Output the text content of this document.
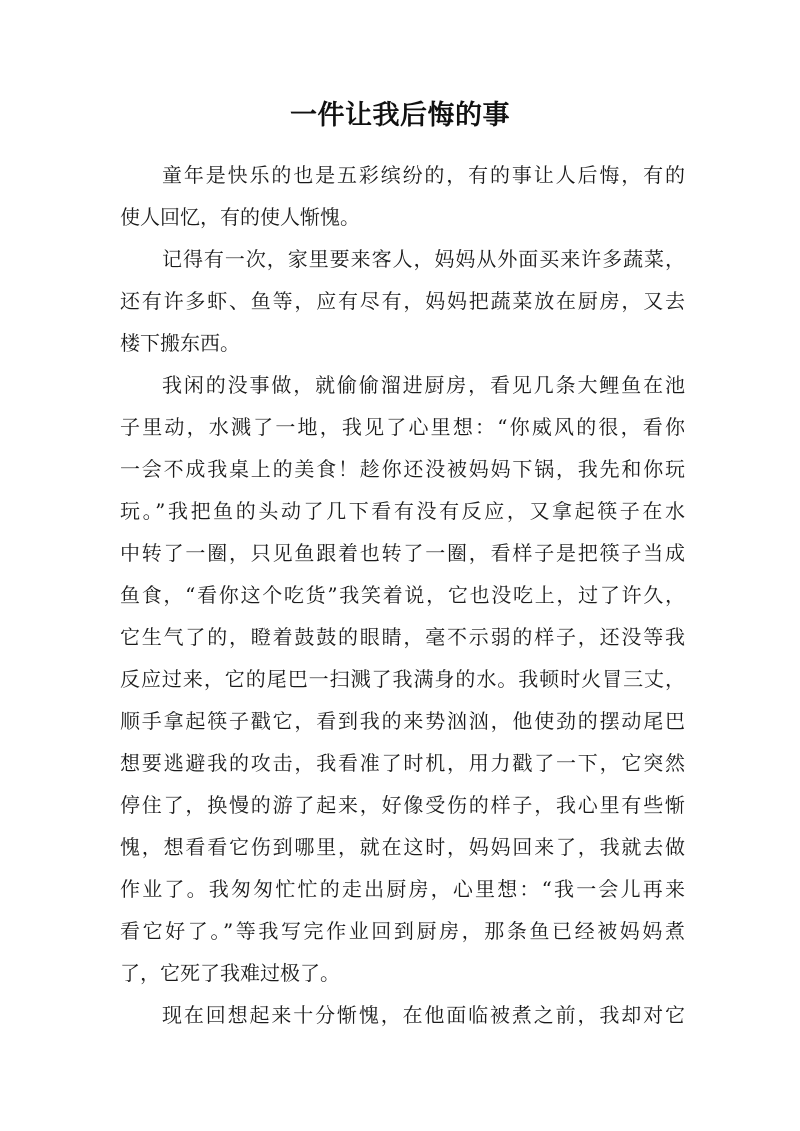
一件让我后悔的事
童年是快乐的也是五彩缤纷的，有的事让人后悔，有的
使人回忆，有的使人惭愧。
记得有一次，家里要来客人，妈妈从外面买来许多蔬菜，
还有许多虾、鱼等，应有尽有，妈妈把蔬菜放在厨房，又去
楼下搬东西。
我闲的没事做，就偷偷溜进厨房，看见几条大鲤鱼在池
子里动，水溅了一地，我见了心里想：“你威风的很，看你
一会不成我桌上的美食！趁你还没被妈妈下锅，我先和你玩
玩。”我把鱼的头动了几下看有没有反应，又拿起筷子在水
中转了一圈，只见鱼跟着也转了一圈，看样子是把筷子当成
鱼食，“看你这个吃货”我笑着说，它也没吃上，过了许久，
它生气了的，瞪着鼓鼓的眼睛，毫不示弱的样子，还没等我
反应过来，它的尾巴一扫溅了我满身的水。我顿时火冒三丈，
顺手拿起筷子戳它，看到我的来势汹汹，他使劲的摆动尾巴
想要逃避我的攻击，我看准了时机，用力戳了一下，它突然
停住了，换慢的游了起来，好像受伤的样子，我心里有些惭
愧，想看看它伤到哪里，就在这时，妈妈回来了，我就去做
作业了。我匆匆忙忙的走出厨房，心里想：“我一会儿再来
看它好了。”等我写完作业回到厨房，那条鱼已经被妈妈煮
了，它死了我难过极了。
现在回想起来十分惭愧，在他面临被煮之前，我却对它
